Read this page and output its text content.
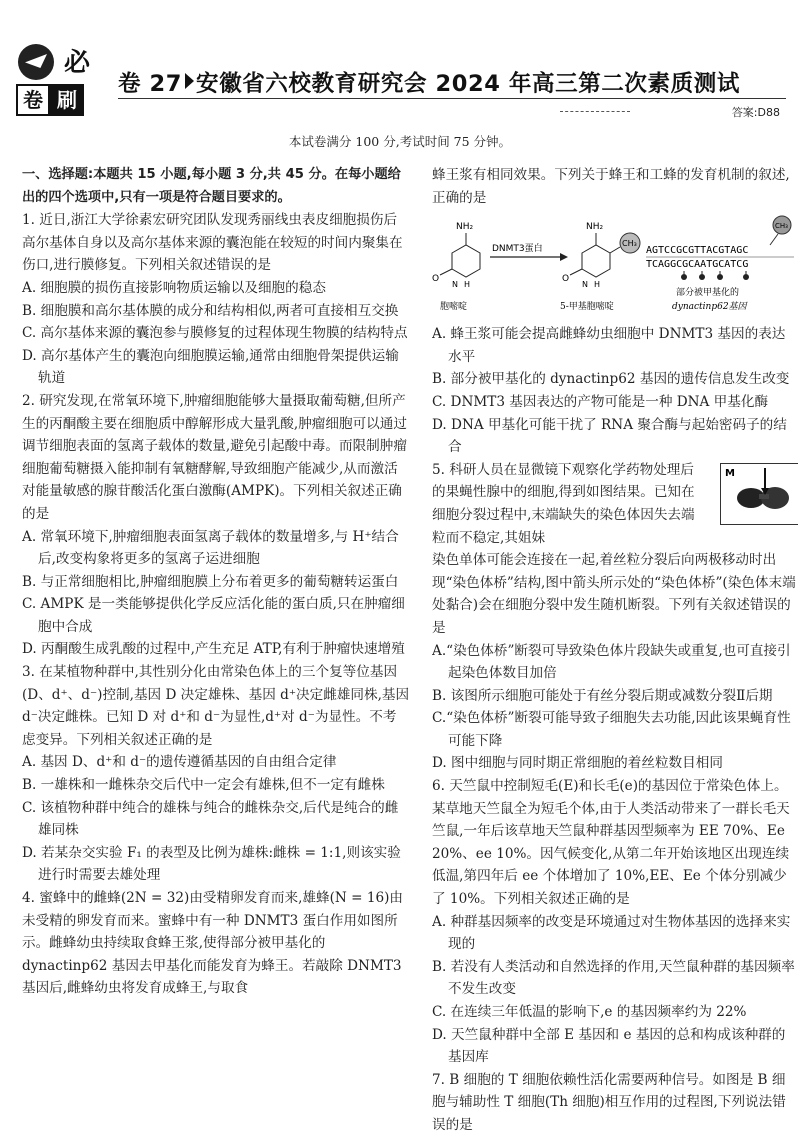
必
卷 刷
卷 27 安徽省六校教育研究会 2024 年高三第二次素质测试
答案:D88
本试卷满分 100 分,考试时间 75 分钟。

一、选择题:本题共 15 小题,每小题 3 分,共 45 分。在每小题给出的四个选项中,只有一项是符合题目要求的。

1. 近日,浙江大学徐素宏研究团队发现秀丽线虫表皮细胞损伤后高尔基体自身以及高尔基体来源的囊泡能在较短的时间内聚集在伤口,进行膜修复。下列相关叙述错误的是

A. 细胞膜的损伤直接影响物质运输以及细胞的稳态

B. 细胞膜和高尔基体膜的成分和结构相似,两者可直接相互交换

C. 高尔基体来源的囊泡参与膜修复的过程体现生物膜的结构特点

D. 高尔基体产生的囊泡向细胞膜运输,通常由细胞骨架提供运输轨道

2. 研究发现,在常氧环境下,肿瘤细胞能够大量摄取葡萄糖,但所产生的丙酮酸主要在细胞质中醇解形成大量乳酸,肿瘤细胞可以通过调节细胞表面的氢离子载体的数量,避免引起酸中毒。而限制肿瘤细胞葡萄糖摄入能抑制有氧糖酵解,导致细胞产能减少,从而激活对能量敏感的腺苷酸活化蛋白激酶(AMPK)。下列相关叙述正确的是

A. 常氧环境下,肿瘤细胞表面氢离子载体的数量增多,与 H⁺结合后,改变构象将更多的氢离子运进细胞

B. 与正常细胞相比,肿瘤细胞膜上分布着更多的葡萄糖转运蛋白

C. AMPK 是一类能够提供化学反应活化能的蛋白质,只在肿瘤细胞中合成

D. 丙酮酸生成乳酸的过程中,产生充足 ATP,有利于肿瘤快速增殖

3. 在某植物种群中,其性别分化由常染色体上的三个复等位基因(D、d⁺、d⁻)控制,基因 D 决定雄株、基因 d⁺决定雌雄同株,基因 d⁻决定雌株。已知 D 对 d⁺和 d⁻为显性,d⁺对 d⁻为显性。不考虑变异。下列相关叙述正确的是

A. 基因 D、d⁺和 d⁻的遗传遵循基因的自由组合定律

B. 一雄株和一雌株杂交后代中一定会有雄株,但不一定有雌株

C. 该植物种群中纯合的雄株与纯合的雌株杂交,后代是纯合的雌雄同株

D. 若某杂交实验 F₁ 的表型及比例为雄株:雌株 = 1:1,则该实验进行时需要去雄处理

4. 蜜蜂中的雌蜂(2N = 32)由受精卵发育而来,雄蜂(N = 16)由未受精的卵发育而来。蜜蜂中有一种 DNMT3 蛋白作用如图所示。雌蜂幼虫持续取食蜂王浆,使得部分被甲基化的 dynactinp62 基因去甲基化而能发育为蜂王。若敲除 DNMT3 基因后,雌蜂幼虫将发育成蜂王,与取食

蜂王浆有相同效果。下列关于蜂王和工蜂的发育机制的叙述,正确的是

NH₂
O
N H
DNMT3蛋白
NH₂
CH₃
O
N H
胞嘧啶	5-甲基胞嘧啶
CH₃
AGTCCGCGTTACGTAGC
TCAGGCGCAATGCATCG
部分被甲基化的
dynactinp62基因

A. 蜂王浆可能会提高雌蜂幼虫细胞中 DNMT3 基因的表达水平

B. 部分被甲基化的 dynactinp62 基因的遗传信息发生改变

C. DNMT3 基因表达的产物可能是一种 DNA 甲基化酶

D. DNA 甲基化可能干扰了 RNA 聚合酶与起始密码子的结合

5. 科研人员在显微镜下观察化学药物处理后的果蝇性腺中的细胞,得到如图结果。已知在细胞分裂过程中,末端缺失的染色体因失去端粒而不稳定,其姐妹
M

染色单体可能会连接在一起,着丝粒分裂后向两极移动时出现“染色体桥”结构,图中箭头所示处的“染色体桥”(染色体末端处黏合)会在细胞分裂中发生随机断裂。下列有关叙述错误的是

A.“染色体桥”断裂可导致染色体片段缺失或重复,也可直接引起染色体数目加倍

B. 该图所示细胞可能处于有丝分裂后期或减数分裂Ⅱ后期

C.“染色体桥”断裂可能导致子细胞失去功能,因此该果蝇育性可能下降

D. 图中细胞与同时期正常细胞的着丝粒数目相同

6. 天竺鼠中控制短毛(E)和长毛(e)的基因位于常染色体上。某草地天竺鼠全为短毛个体,由于人类活动带来了一群长毛天竺鼠,一年后该草地天竺鼠种群基因型频率为 EE 70%、Ee 20%、ee 10%。因气候变化,从第二年开始该地区出现连续低温,第四年后 ee 个体增加了 10%,EE、Ee 个体分别减少了 10%。下列相关叙述正确的是

A. 种群基因频率的改变是环境通过对生物体基因的选择来实现的

B. 若没有人类活动和自然选择的作用,天竺鼠种群的基因频率不发生改变

C. 在连续三年低温的影响下,e 的基因频率约为 22%

D. 天竺鼠种群中全部 E 基因和 e 基因的总和构成该种群的基因库

7. B 细胞的 T 细胞依赖性活化需要两种信号。如图是 B 细胞与辅助性 T 细胞(Th 细胞)相互作用的过程图,下列说法错误的是
